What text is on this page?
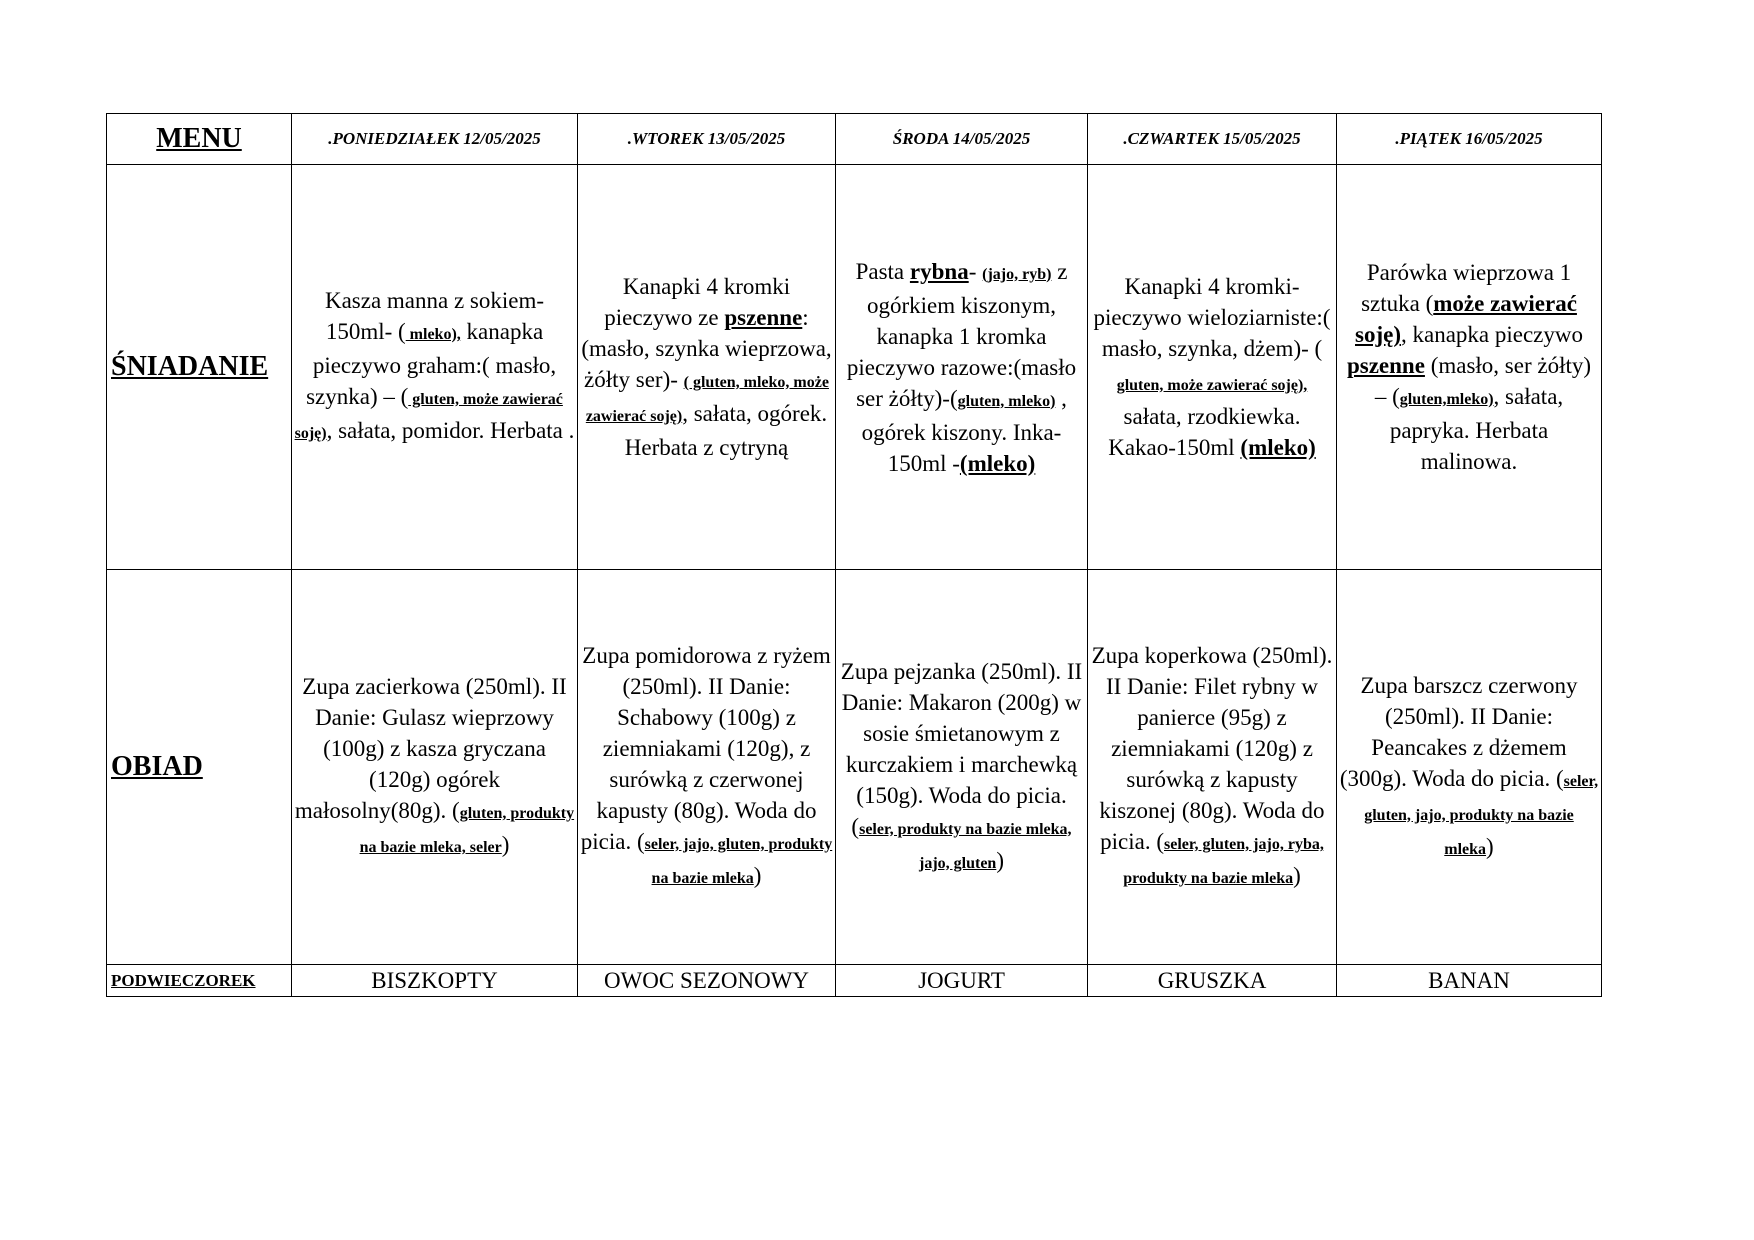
MENU	.PONIEDZIAŁEK 12/05/2025	.WTOREK 13/05/2025	ŚRODA 14/05/2025	.CZWARTEK 15/05/2025	.PIĄTEK 16/05/2025
ŚNIADANIE	Kasza manna z sokiem-150ml- ( mleko), kanapka pieczywo graham:( masło, szynka) – ( gluten, może zawierać soję), sałata, pomidor. Herbata .	Kanapki 4 kromki pieczywo ze pszenne: (masło, szynka wieprzowa, żółty ser)- ( gluten, mleko, może zawierać soję), sałata, ogórek. Herbata z cytryną	Pasta rybna- (jajo, ryb) z ogórkiem kiszonym, kanapka 1 kromka pieczywo razowe:(masło ser żółty)-(gluten, mleko) , ogórek kiszony. Inka-150ml -(mleko)	Kanapki 4 kromki-pieczywo wieloziarniste:( masło, szynka, dżem)- ( gluten, może zawierać soję), sałata, rzodkiewka. Kakao-150ml (mleko)	Parówka wieprzowa 1 sztuka (może zawierać soję), kanapka pieczywo pszenne (masło, ser żółty) – (gluten,mleko), sałata, papryka. Herbata malinowa.
OBIAD	Zupa zacierkowa (250ml). II Danie: Gulasz wieprzowy (100g) z kasza gryczana (120g) ogórek małosolny(80g). (gluten, produkty na bazie mleka, seler)	Zupa pomidorowa z ryżem (250ml). II Danie: Schabowy (100g) z ziemniakami (120g), z surówką z czerwonej kapusty (80g). Woda do picia. (seler, jajo, gluten, produkty na bazie mleka)	Zupa pejzanka (250ml). II Danie: Makaron (200g) w sosie śmietanowym z kurczakiem i marchewką (150g). Woda do picia. (seler, produkty na bazie mleka, jajo, gluten)	Zupa koperkowa (250ml). II Danie: Filet rybny w panierce (95g) z ziemniakami (120g) z surówką z kapusty kiszonej (80g). Woda do picia. (seler, gluten, jajo, ryba, produkty na bazie mleka)	Zupa barszcz czerwony (250ml). II Danie: Peancakes z dżemem (300g). Woda do picia. (seler, gluten, jajo, produkty na bazie mleka)
PODWIECZOREK	BISZKOPTY	OWOC SEZONOWY	JOGURT	GRUSZKA	BANAN
